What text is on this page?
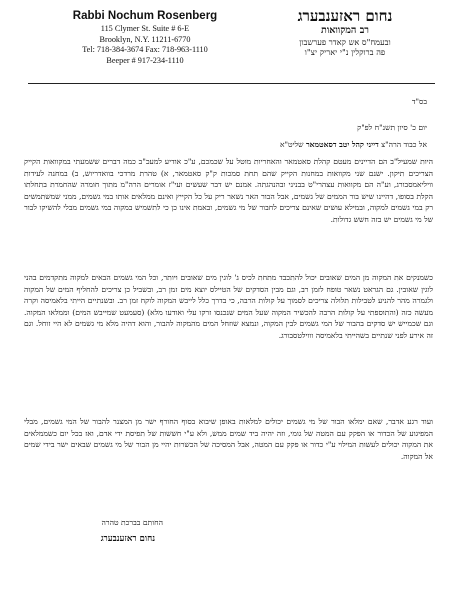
Rabbi Nochum Rosenberg
115 Clymer St. Suite # 6-E
Brooklyn, N.Y. 11211-6770
Tel: 718-384-3674 Fax: 718-963-1110
Beeper # 917-234-1110
נחום ראזענבערג
רב המקוואות
ובעמח"ס אש קאדר פערשבון
פה ברוקלין נ"י יאריק יצ"ו
בס"ד
יום כ' סיון תשנ"ח לפ"ק
אל כבוד הרה"צ דייני קהל יטב דסאטמאר שליט"א
היות שמעיל"ב הם הדיינים מעטם קהלת סאטמאר והאחריות מוטל על שכמכם, ע"כ אודיע למעכ"ב כמה דברים ששמעתי במקוואות הקייק הצריכים תיקון. ישנם שני מקוואות במחנות הקייק שהם תחת סמכות ק"ק סאטמאר, א) טהרת מרדכי בוואדריוש, ב) במחנה לעידות וויליאמסבורג, וע"ה הם מקוואות עצהרי"ט בבניני ובהנהגתה. אמנם יש דבר שעשים ועי"ז אומרים הרה"מ מתוך חומרה שהחמרת בתחלתו הקלת בסופו, דהיינו שיש בור הממים של גשמים, אבל הבור האר נשאר ריק על כל הקייץ ואינם ממלאים אותו במי גשמים, ממני שמשתמשים רק במי גשמים למקוה, ובמילא עושים שאינם צריכים לחבור של מי גשמים, ובאמת אינו כן כי לתשמיש במקוה במי גשמים מבלי להשיקו לבור של מי גשמים יש בזה חשש גדולות.
כשמנקים את המקוה מן המים שאובים יכול להתכבד מתחת לכיס ג' לוגין מים שאובים ויותר, וכל המי גשמים הבאים למקוה מתקדמים בהני לוגין שאובין. גם הגראט נשאר טופח לזמן רב, וגם מבין הסדקים של הטיילס יוצא מים זמן רב, ובשביל כן צריכים להחליף המים של המקוה ולגמרה מהר להניע לטבילות תלולה צריכים לסמוך על קולות הרבה, כי בדרך כלל לייבש המקוה לוקח זמן רב. ובשנתיים הייתי בלאמיסה וקרה מעשה כזה (והתוספתי על קולות הרבה להכשיר המקוה שעל המים שנכנסו זרקו עלי ואודעו מלא) (סעמעט שמייבש המים) וממלאו המקוה. וגם שכמייש יש סדקים בהבור של המי גשמים לבין המקוה, ונמצא שוזחל המים מהמקוה להבור, והוא דהיה מלא מי גשמים לא היי זוחל. וגם זה אירע לפני שנתיים בשהייתי בלאמיסה וווילטסבורג.
ועוד רגע אדבר, שאם ימלאו הבור של מי גשמים יכולים למלאות באופן שיבוא בסוף החורף ישר מן המצנר להבור של המי גשמים, מבלי המפיגוע של הכדור או הפקק עם המטה של גומי, וזה יהיה ביד שמים ממש, ולא ע"י חששות של תפיסת ידי אדם, ואז בכל יום כשממלאים את המקוה יכולים לעשות המילוי ע"י כדור או פקק עם המטה, אבל המסיכה של הכשרות יהיי מן הבור של מי גשמים שבאים ישר בידי שמים אל המקוה.
החותם בברכת טהרה
נחום ראזענבערג
